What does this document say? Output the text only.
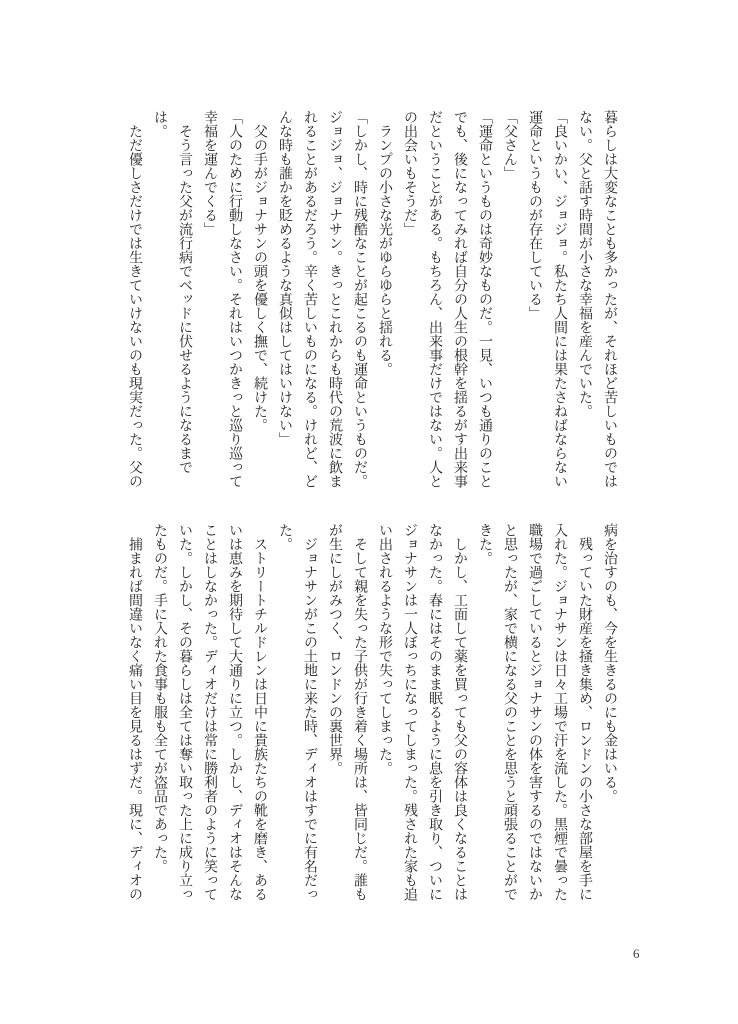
暮らしは大変なことも多かったが、それほど苦しいものでは
ない。父と話す時間が小さな幸福を産んでいた。
「良いかい、ジョジョ。私たち人間には果たさねばならない
運命というものが存在している」
「父さん」
「運命というものは奇妙なものだ。一見、いつも通りのこと
でも、後になってみれば自分の人生の根幹を揺るがす出来事
だということがある。もちろん、出来事だけではない。人と
の出会いもそうだ」
ランプの小さな光がゆらゆらと揺れる。
「しかし、時に残酷なことが起こるのも運命というものだ。
ジョジョ、ジョナサン。きっとこれからも時代の荒波に飲ま
れることがあるだろう。辛く苦しいものになる。けれど、ど
んな時も誰かを貶めるような真似はしてはいけない」
父の手がジョナサンの頭を優しく撫で、続けた。
「人のために行動しなさい。それはいつかきっと巡り巡って
幸福を運んでくる」
そう言った父が流行病でベッドに伏せるようになるまで
は。
ただ優しさだけでは生きていけないのも現実だった。父の
病を治すのも、今を生きるのにも金はいる。
残っていた財産を掻き集め、ロンドンの小さな部屋を手に
入れた。ジョナサンは日々工場で汗を流した。黒煙で曇った
職場で過ごしているとジョナサンの体を害するのではないか
と思ったが、家で横になる父のことを思うと頑張ることがで
きた。
しかし、工面して薬を買っても父の容体は良くなることは
なかった。春にはそのまま眠るように息を引き取り、ついに
ジョナサンは一人ぼっちになってしまった。残された家も追
い出されるような形で失ってしまった。
そして親を失った子供が行き着く場所は、皆同じだ。誰も
が生にしがみつく、ロンドンの裏世界。
ジョナサンがこの土地に来た時、ディオはすでに有名だっ
た。
ストリートチルドレンは日中に貴族たちの靴を磨き、ある
いは恵みを期待して大通りに立つ。しかし、ディオはそんな
ことはしなかった。ディオだけは常に勝利者のように笑って
いた。しかし、その暮らしは全ては奪い取った上に成り立っ
たものだ。手に入れた食事も服も全てが盗品であった。
捕まれば間違いなく痛い目を見るはずだ。現に、ディオの
6
